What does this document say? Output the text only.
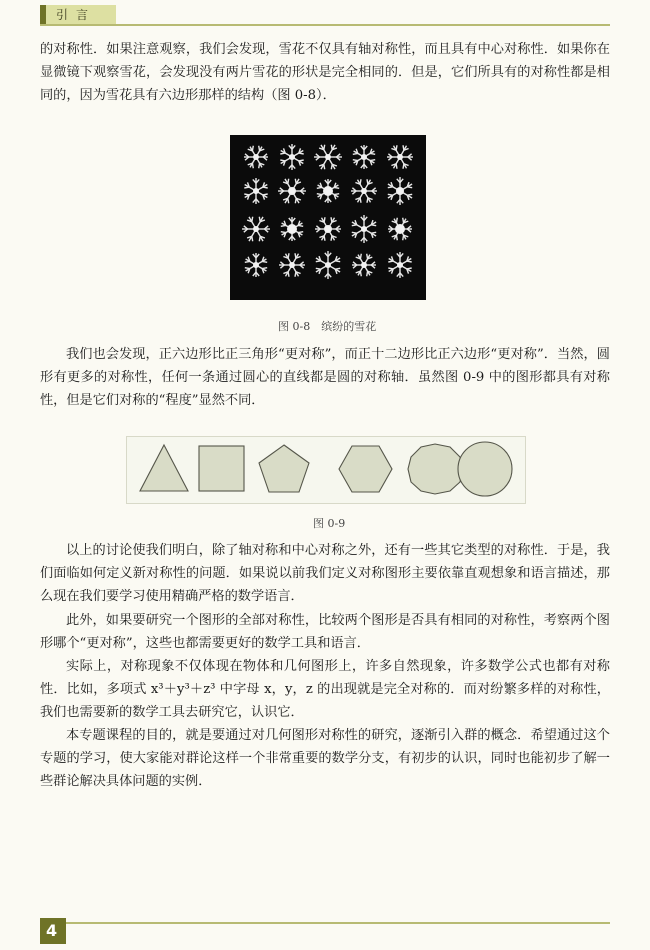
引言

的对称性．如果注意观察，我们会发现，雪花不仅具有轴对称性，而且具有中心对称性．如果你在显微镜下观察雪花，会发现没有两片雪花的形状是完全相同的．但是，它们所具有的对称性都是相同的，因为雪花具有六边形那样的结构（图 0-8）．

图 0-8　缤纷的雪花

我们也会发现，正六边形比正三角形“更对称”，而正十二边形比正六边形“更对称”．当然，圆形有更多的对称性，任何一条通过圆心的直线都是圆的对称轴．虽然图 0-9 中的图形都具有对称性，但是它们对称的“程度”显然不同．

图 0-9

以上的讨论使我们明白，除了轴对称和中心对称之外，还有一些其它类型的对称性．于是，我们面临如何定义新对称性的问题．如果说以前我们定义对称图形主要依靠直观想象和语言描述，那么现在我们要学习使用精确严格的数学语言．

此外，如果要研究一个图形的全部对称性，比较两个图形是否具有相同的对称性，考察两个图形哪个“更对称”，这些也都需要更好的数学工具和语言．

实际上，对称现象不仅体现在物体和几何图形上，许多自然现象，许多数学公式也都有对称性．比如，多项式 x³＋y³＋z³ 中字母 x，y，z 的出现就是完全对称的．而对纷繁多样的对称性，我们也需要新的数学工具去研究它，认识它．

本专题课程的目的，就是要通过对几何图形对称性的研究，逐渐引入群的概念．希望通过这个专题的学习，使大家能对群论这样一个非常重要的数学分支，有初步的认识，同时也能初步了解一些群论解决具体问题的实例．

4
